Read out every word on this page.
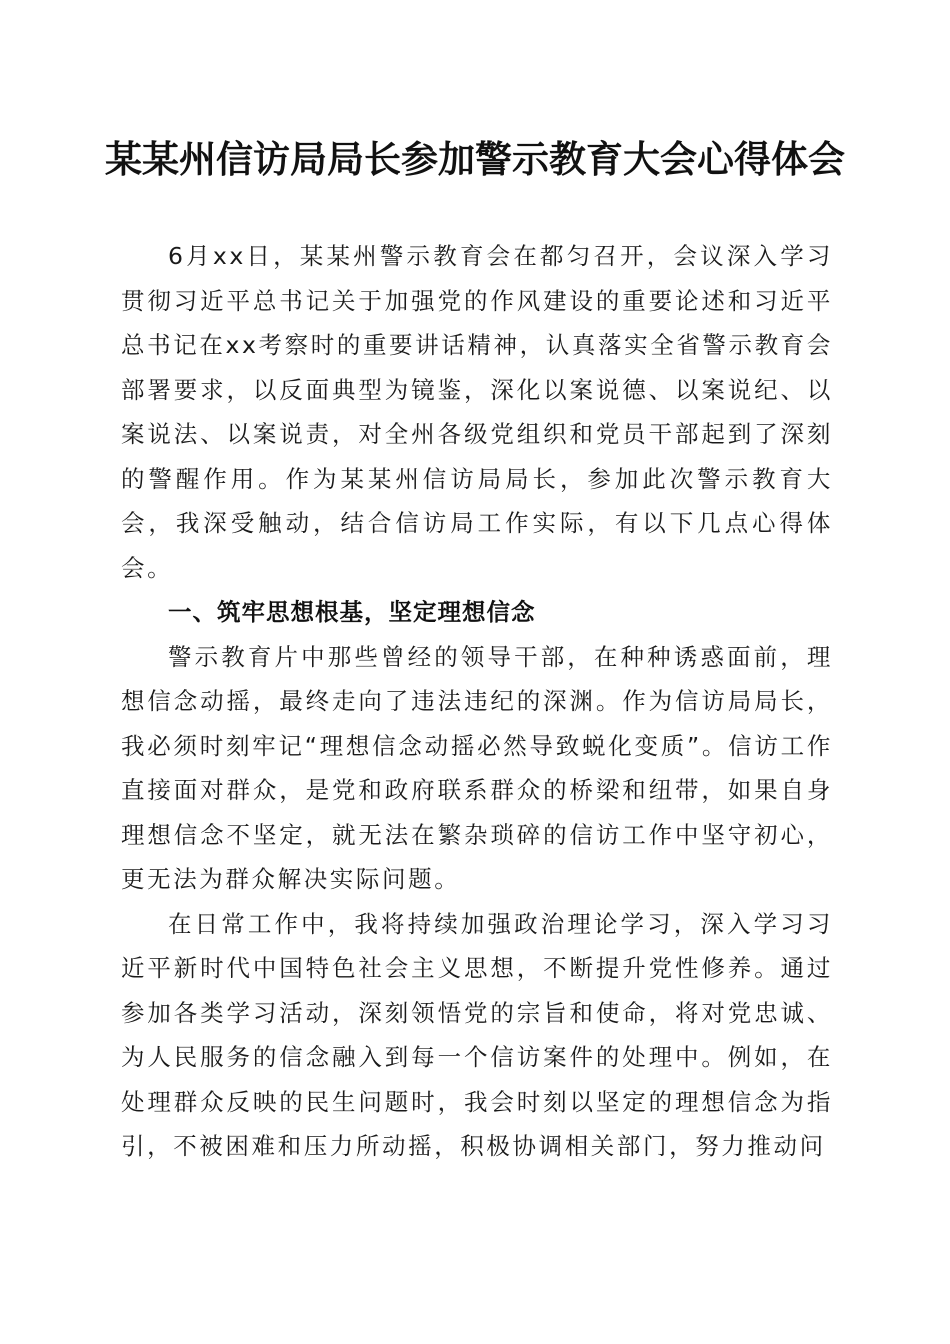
某某州信访局局长参加警示教育大会心得体会

6月xx日，某某州警示教育会在都匀召开，会议深入学习贯彻习近平总书记关于加强党的作风建设的重要论述和习近平总书记在xx考察时的重要讲话精神，认真落实全省警示教育会部署要求，以反面典型为镜鉴，深化以案说德、以案说纪、以案说法、以案说责，对全州各级党组织和党员干部起到了深刻的警醒作用。作为某某州信访局局长，参加此次警示教育大会，我深受触动，结合信访局工作实际，有以下几点心得体会。

一、筑牢思想根基，坚定理想信念

警示教育片中那些曾经的领导干部，在种种诱惑面前，理想信念动摇，最终走向了违法违纪的深渊。作为信访局局长，我必须时刻牢记“理想信念动摇必然导致蜕化变质”。信访工作直接面对群众，是党和政府联系群众的桥梁和纽带，如果自身理想信念不坚定，就无法在繁杂琐碎的信访工作中坚守初心，更无法为群众解决实际问题。

在日常工作中，我将持续加强政治理论学习，深入学习习近平新时代中国特色社会主义思想，不断提升党性修养。通过参加各类学习活动，深刻领悟党的宗旨和使命，将对党忠诚、为人民服务的信念融入到每一个信访案件的处理中。例如，在处理群众反映的民生问题时，我会时刻以坚定的理想信念为指引，不被困难和压力所动摇，积极协调相关部门，努力推动问
